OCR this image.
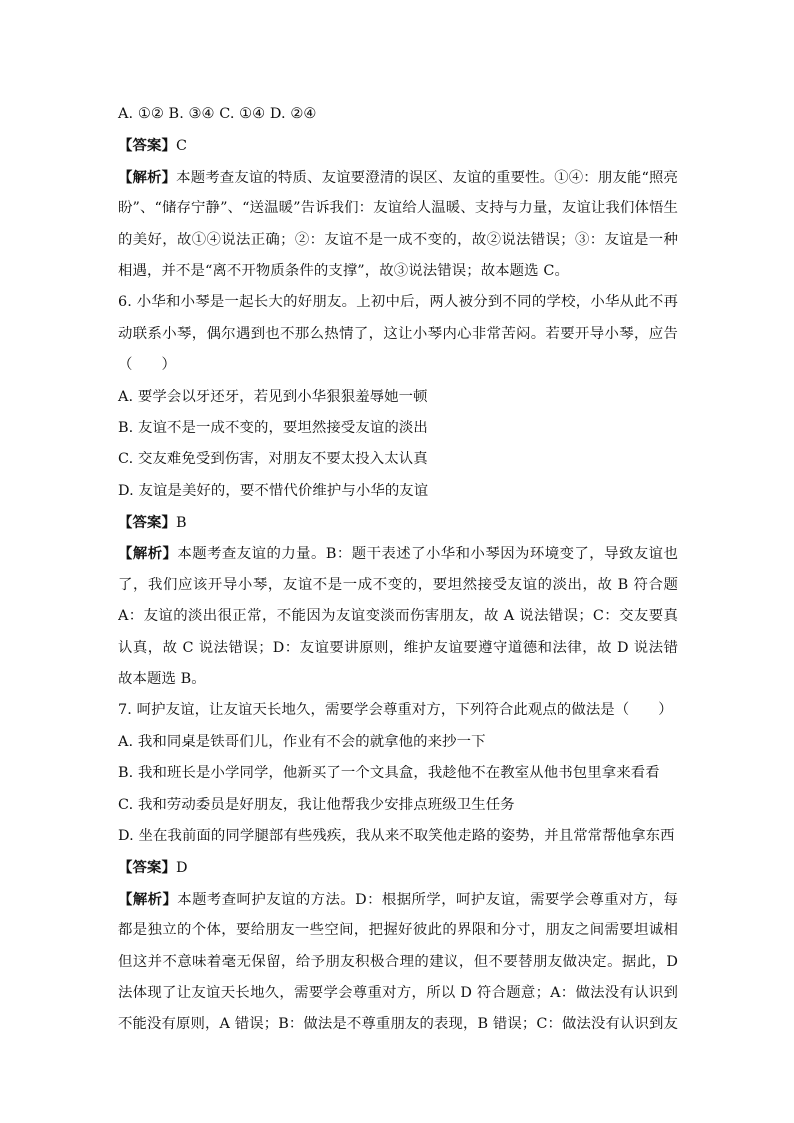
A. ①② B. ③④ C. ①④ D. ②④
【答案】C
【解析】本题考查友谊的特质、友谊要澄清的误区、友谊的重要性。①④：朋友能“照亮
盼”、“储存宁静”、“送温暖”告诉我们：友谊给人温暖、支持与力量，友谊让我们体悟生
的美好，故①④说法正确；②：友谊不是一成不变的，故②说法错误；③：友谊是一种
相遇，并不是“离不开物质条件的支撑”，故③说法错误；故本题选 C。
6. 小华和小琴是一起长大的好朋友。上初中后，两人被分到不同的学校，小华从此不再
动联系小琴，偶尔遇到也不那么热情了，这让小琴内心非常苦闷。若要开导小琴，应告
（　　）
A. 要学会以牙还牙，若见到小华狠狠羞辱她一顿
B. 友谊不是一成不变的，要坦然接受友谊的淡出
C. 交友难免受到伤害，对朋友不要太投入太认真
D. 友谊是美好的，要不惜代价维护与小华的友谊
【答案】B
【解析】本题考查友谊的力量。B：题干表述了小华和小琴因为环境变了，导致友谊也
了，我们应该开导小琴，友谊不是一成不变的，要坦然接受友谊的淡出，故 B 符合题
A：友谊的淡出很正常，不能因为友谊变淡而伤害朋友，故 A 说法错误；C：交友要真
认真，故 C 说法错误；D：友谊要讲原则，维护友谊要遵守道德和法律，故 D 说法错
故本题选 B。
7. 呵护友谊，让友谊天长地久，需要学会尊重对方，下列符合此观点的做法是（　　）
A. 我和同桌是铁哥们儿，作业有不会的就拿他的来抄一下
B. 我和班长是小学同学，他新买了一个文具盒，我趁他不在教室从他书包里拿来看看
C. 我和劳动委员是好朋友，我让他帮我少安排点班级卫生任务
D. 坐在我前面的同学腿部有些残疾，我从来不取笑他走路的姿势，并且常常帮他拿东西
【答案】D
【解析】本题考查呵护友谊的方法。D：根据所学，呵护友谊，需要学会尊重对方，每
都是独立的个体，要给朋友一些空间，把握好彼此的界限和分寸，朋友之间需要坦诚相
但这并不意味着毫无保留，给予朋友积极合理的建议，但不要替朋友做决定。据此，D
法体现了让友谊天长地久，需要学会尊重对方，所以 D 符合题意；A：做法没有认识到
不能没有原则，A 错误；B：做法是不尊重朋友的表现，B 错误；C：做法没有认识到友
